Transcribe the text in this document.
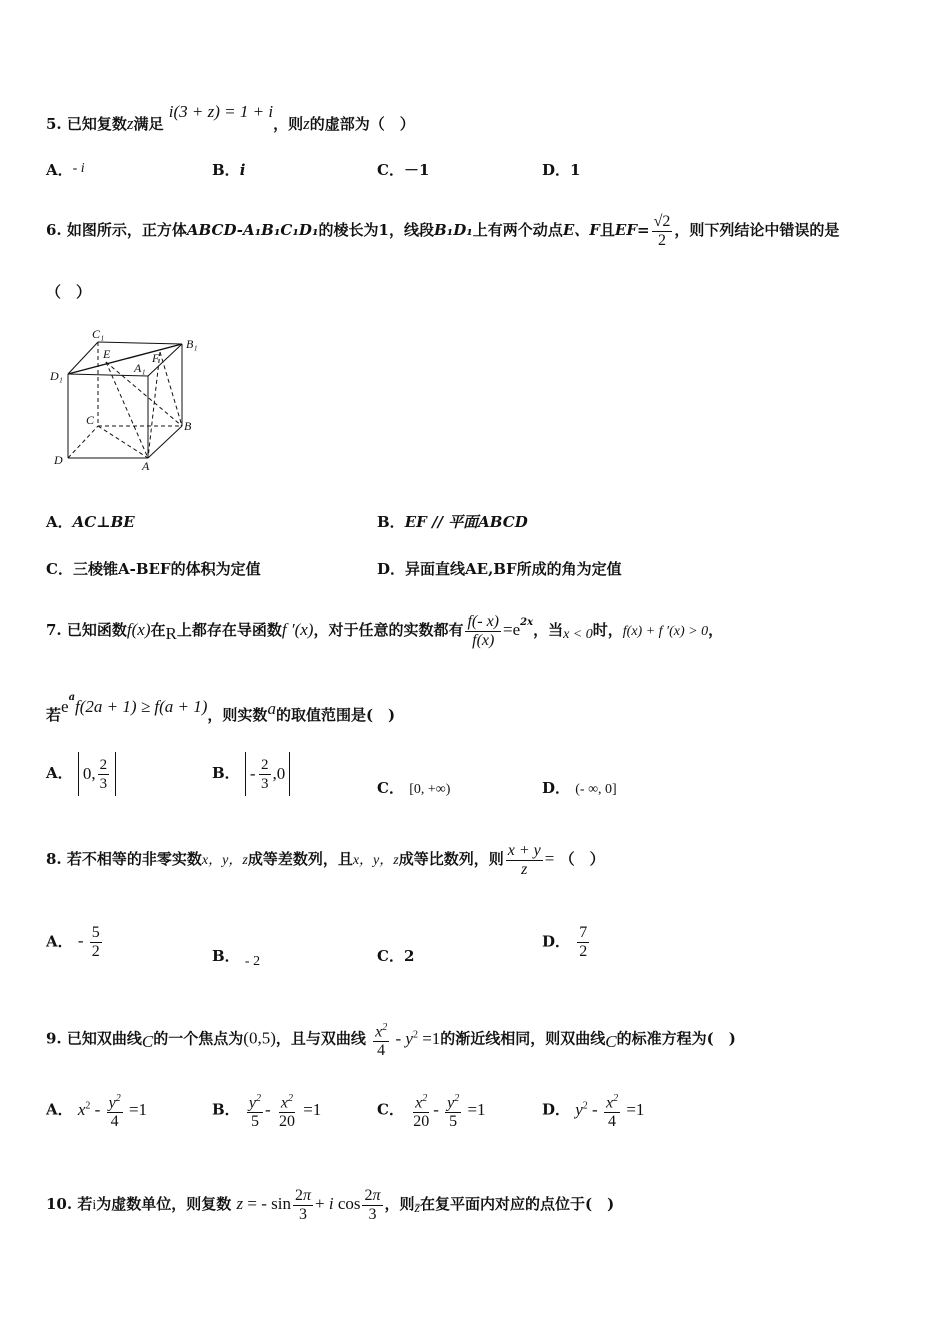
5. 已知复数z满足 i(3 + z) = 1 + i，则z的虚部为（　）
A．- i	B．i	C．－1	D．1
6. 如图所示，正方体ABCD-A₁B₁C₁D₁的棱长为1，线段B₁D₁上有两个动点E、F且$EF= \frac{√2}{2}$ ，则下列结论中错误的是
（　）
C₁
B₁
D₁
E	F
A₁
C	B
D	A
A．AC⊥BE	B．EF // 平面ABCD
C．三棱锥A-BEF的体积为定值	D．异面直线AE,BF所成的角为定值
7. 已知函数f(x)在R上都存在导函数f ′(x)，对于任意的实数都有 $\frac{f(- x)}{f(x)} =e^{2x}$，当x < 0时，f(x) + f ′(x) > 0，
若$e^af(2a + 1) \ge f(a + 1)$，则实数a的取值范围是(　)
A． 0, $\frac{2}{3}$	B． -  $\frac{2}{3} ,0$
C． [0, +∞)	D． (- ∞, 0]
8. 若不相等的非零实数x，y，z成等差数列，且x，y，z成等比数列，则 $\frac{x + y}{z}$ = （　）
A． - $\frac{5}{2}$	B． - 2	C．2
D． $\frac{7}{2}$
9. 已知双曲线C的一个焦点为(0,5)，且与双曲线 $\frac{x^2}{4} - y^2 =1$的渐近线相同，则双曲线C的标准方程为(　)
A． $x^2 - \frac{y^2}{4} =1$	B． $\frac{y^2}{5} - \frac{x^2}{20} =1$	C． $\frac{x^2}{20} - \frac{y^2}{5} =1$	D． $y^2 - \frac{x^2}{4} =1$
10. 若i为虚数单位，则复数 z = - $\sin \frac{2\pi}{3} + i$ $\cos \frac{2\pi}{3}$ ，则z̄在复平面内对应的点位于(　)
